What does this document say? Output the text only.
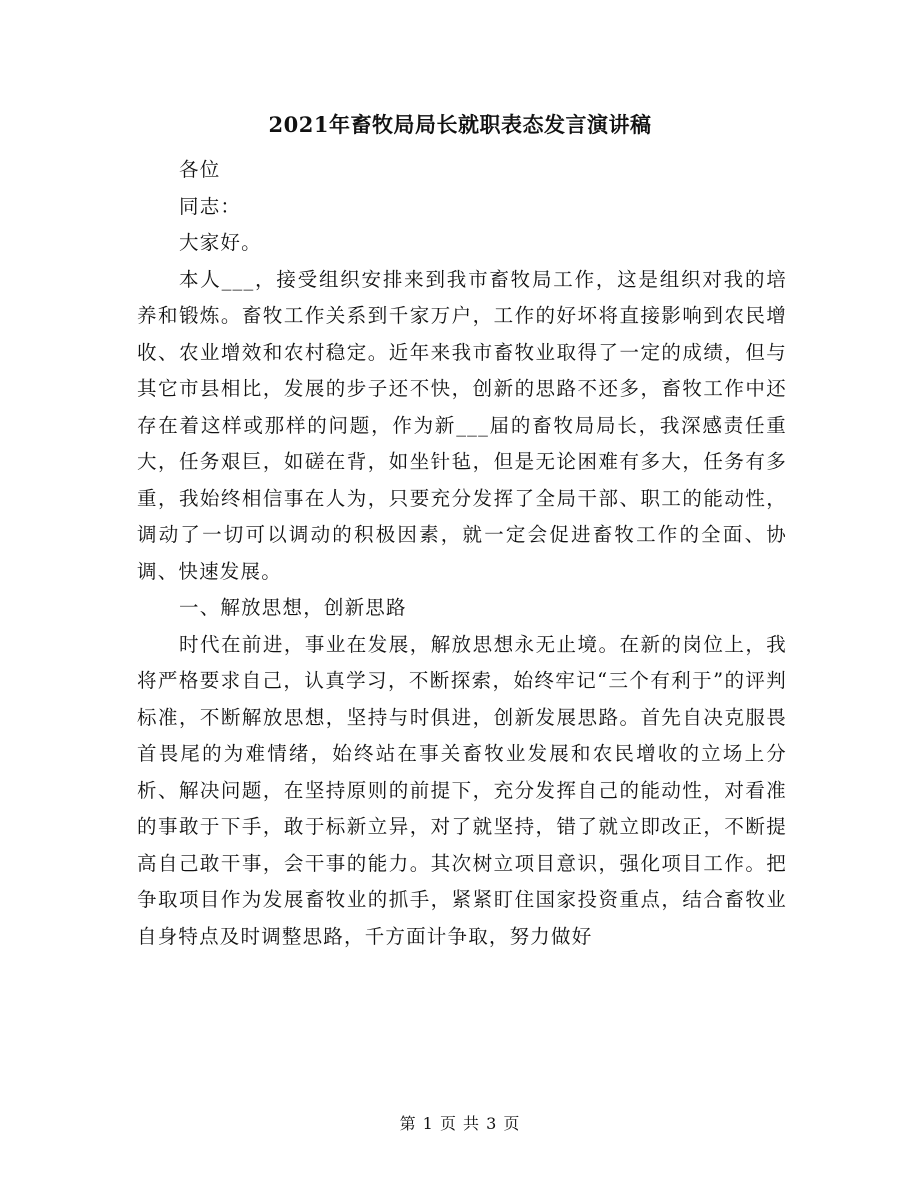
2021年畜牧局局长就职表态发言演讲稿

各位

同志：

大家好。

本人___，接受组织安排来到我市畜牧局工作，这是组织对我的培养和锻炼。畜牧工作关系到千家万户，工作的好坏将直接影响到农民增收、农业增效和农村稳定。近年来我市畜牧业取得了一定的成绩，但与其它市县相比，发展的步子还不快，创新的思路不还多，畜牧工作中还存在着这样或那样的问题，作为新___届的畜牧局局长，我深感责任重大，任务艰巨，如磋在背，如坐针毡，但是无论困难有多大，任务有多重，我始终相信事在人为，只要充分发挥了全局干部、职工的能动性，调动了一切可以调动的积极因素，就一定会促进畜牧工作的全面、协调、快速发展。

一、解放思想，创新思路

时代在前进，事业在发展，解放思想永无止境。在新的岗位上，我将严格要求自己，认真学习，不断探索，始终牢记“三个有利于”的评判标准，不断解放思想，坚持与时俱进，创新发展思路。首先自决克服畏首畏尾的为难情绪，始终站在事关畜牧业发展和农民增收的立场上分析、解决问题，在坚持原则的前提下，充分发挥自己的能动性，对看准的事敢于下手，敢于标新立异，对了就坚持，错了就立即改正，不断提高自己敢干事，会干事的能力。其次树立项目意识，强化项目工作。把争取项目作为发展畜牧业的抓手，紧紧盯住国家投资重点，结合畜牧业自身特点及时调整思路，千方面计争取，努力做好

第 1 页 共 3 页
